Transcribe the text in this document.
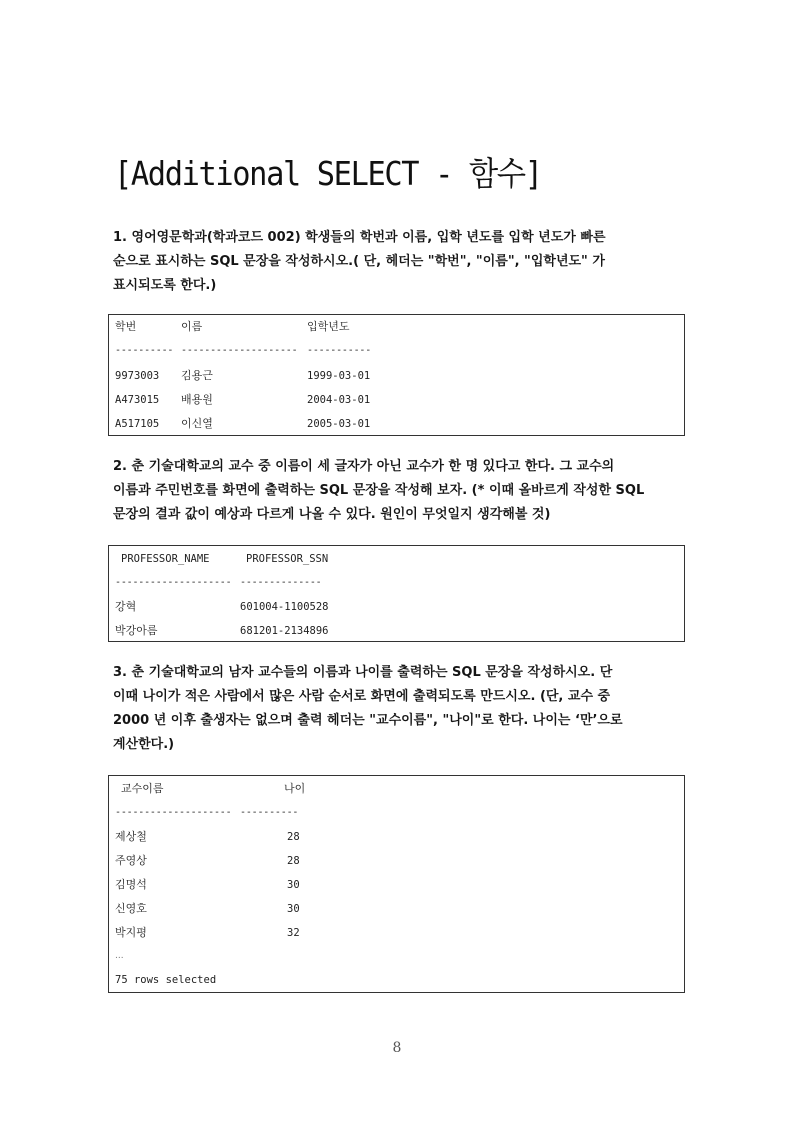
[Additional SELECT - 함수]

1. 영어영문학과(학과코드 002) 학생들의 학번과 이름, 입학 년도를 입학 년도가 빠른

순으로 표시하는 SQL 문장을 작성하시오.( 단, 헤더는 "학번", "이름", "입학년도" 가

표시되도록 한다.)

학번	이름	입학년도
---------- -------------------- -----------
9973003 김용근	1999-03-01
A473015 배용원	2004-03-01
A517105 이신열	2005-03-01

2. 춘 기술대학교의 교수 중 이름이 세 글자가 아닌 교수가 한 명 있다고 한다. 그 교수의

이름과 주민번호를 화면에 출력하는 SQL 문장을 작성해 보자. (* 이때 올바르게 작성한 SQL

문장의 결과 값이 예상과 다르게 나올 수 있다. 원인이 무엇일지 생각해볼 것)

PROFESSOR_NAME	PROFESSOR_SSN
-------------------- --------------
강혁	601004-1100528
박강아름	681201-2134896

3. 춘 기술대학교의 남자 교수들의 이름과 나이를 출력하는 SQL 문장을 작성하시오. 단

이때 나이가 적은 사람에서 많은 사람 순서로 화면에 출력되도록 만드시오. (단, 교수 중

2000 년 이후 출생자는 없으며 출력 헤더는 "교수이름", "나이"로 한다. 나이는 ‘만’으로

계산한다.)

교수이름	나이
-------------------- ----------
제상철	28
주영상	28
김명석	30
신영호	30
박지평	32
...
75 rows selected
8
